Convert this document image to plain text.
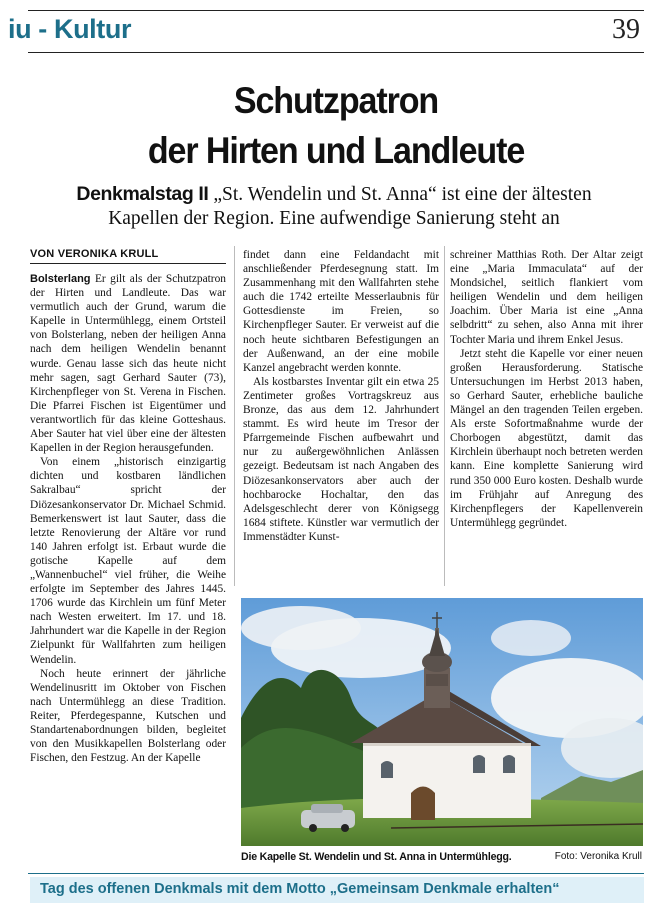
iu - Kultur	39
Schutzpatron
der Hirten und Landleute
Denkmalstag II „St. Wendelin und St. Anna“ ist eine der ältesten
Kapellen der Region. Eine aufwendige Sanierung steht an
VON VERONIKA KRULL

Bolsterlang Er gilt als der Schutzpatron der Hirten und Landleute. Das war vermutlich auch der Grund, warum die Kapelle in Untermühlegg, einem Ortsteil von Bolsterlang, neben der heiligen Anna nach dem heiligen Wendelin benannt wurde. Genau lasse sich das heute nicht mehr sagen, sagt Gerhard Sauter (73), Kirchenpfleger von St. Verena in Fischen. Die Pfarrei Fischen ist Eigentümer und verantwortlich für das kleine Gotteshaus. Aber Sauter hat viel über eine der ältesten Kapellen in der Region herausgefunden.

Von einem „historisch einzigartig dichten und kostbaren ländlichen Sakralbau“ spricht der Diözesankonservator Dr. Michael Schmid. Bemerkenswert ist laut Sauter, dass die letzte Renovierung der Altäre vor rund 140 Jahren erfolgt ist. Erbaut wurde die gotische Kapelle auf dem „Wannenbuchel“ viel früher, die Weihe erfolgte im September des Jahres 1445. 1706 wurde das Kirchlein um fünf Meter nach Westen erweitert. Im 17. und 18. Jahrhundert war die Kapelle in der Region Zielpunkt für Wallfahrten zum heiligen Wendelin.

Noch heute erinnert der jährliche Wendelinusritt im Oktober von Fischen nach Untermühlegg an diese Tradition. Reiter, Pferdegespanne, Kutschen und Standartenabordnungen bilden, begleitet von den Musikkapellen Bolsterlang oder Fischen, den Festzug. An der Kapelle

findet dann eine Feldandacht mit anschließender Pferdesegnung statt. Im Zusammenhang mit den Wallfahrten stehe auch die 1742 erteilte Messerlaubnis für Gottesdienste im Freien, so Kirchenpfleger Sauter. Er verweist auf die noch heute sichtbaren Befestigungen an der Außenwand, an der eine mobile Kanzel angebracht werden konnte.

Als kostbarstes Inventar gilt ein etwa 25 Zentimeter großes Vortragskreuz aus Bronze, das aus dem 12. Jahrhundert stammt. Es wird heute im Tresor der Pfarrgemeinde Fischen aufbewahrt und nur zu außergewöhnlichen Anlässen gezeigt. Bedeutsam ist nach Angaben des Diözesankonservators aber auch der hochbarocke Hochaltar, den das Adelsgeschlecht derer von Königsegg 1684 stiftete. Künstler war vermutlich der Immenstädter Kunst-

schreiner Matthias Roth. Der Altar zeigt eine „Maria Immaculata“ auf der Mondsichel, seitlich flankiert vom heiligen Wendelin und dem heiligen Joachim. Über Maria ist eine „Anna selbdritt“ zu sehen, also Anna mit ihrer Tochter Maria und ihrem Enkel Jesus.

Jetzt steht die Kapelle vor einer neuen großen Herausforderung. Statische Untersuchungen im Herbst 2013 haben, so Gerhard Sauter, erhebliche bauliche Mängel an den tragenden Teilen ergeben. Als erste Sofortmaßnahme wurde der Chorbogen abgestützt, damit das Kirchlein überhaupt noch betreten werden kann. Eine komplette Sanierung wird rund 350 000 Euro kosten. Deshalb wurde im Frühjahr auf Anregung des Kirchenpflegers der Kapellenverein Untermühlegg gegründet.

Die Kapelle St. Wendelin und St. Anna in Untermühlegg.	Foto: Veronika Krull
Tag des offenen Denkmals mit dem Motto „Gemeinsam Denkmale erhalten“
